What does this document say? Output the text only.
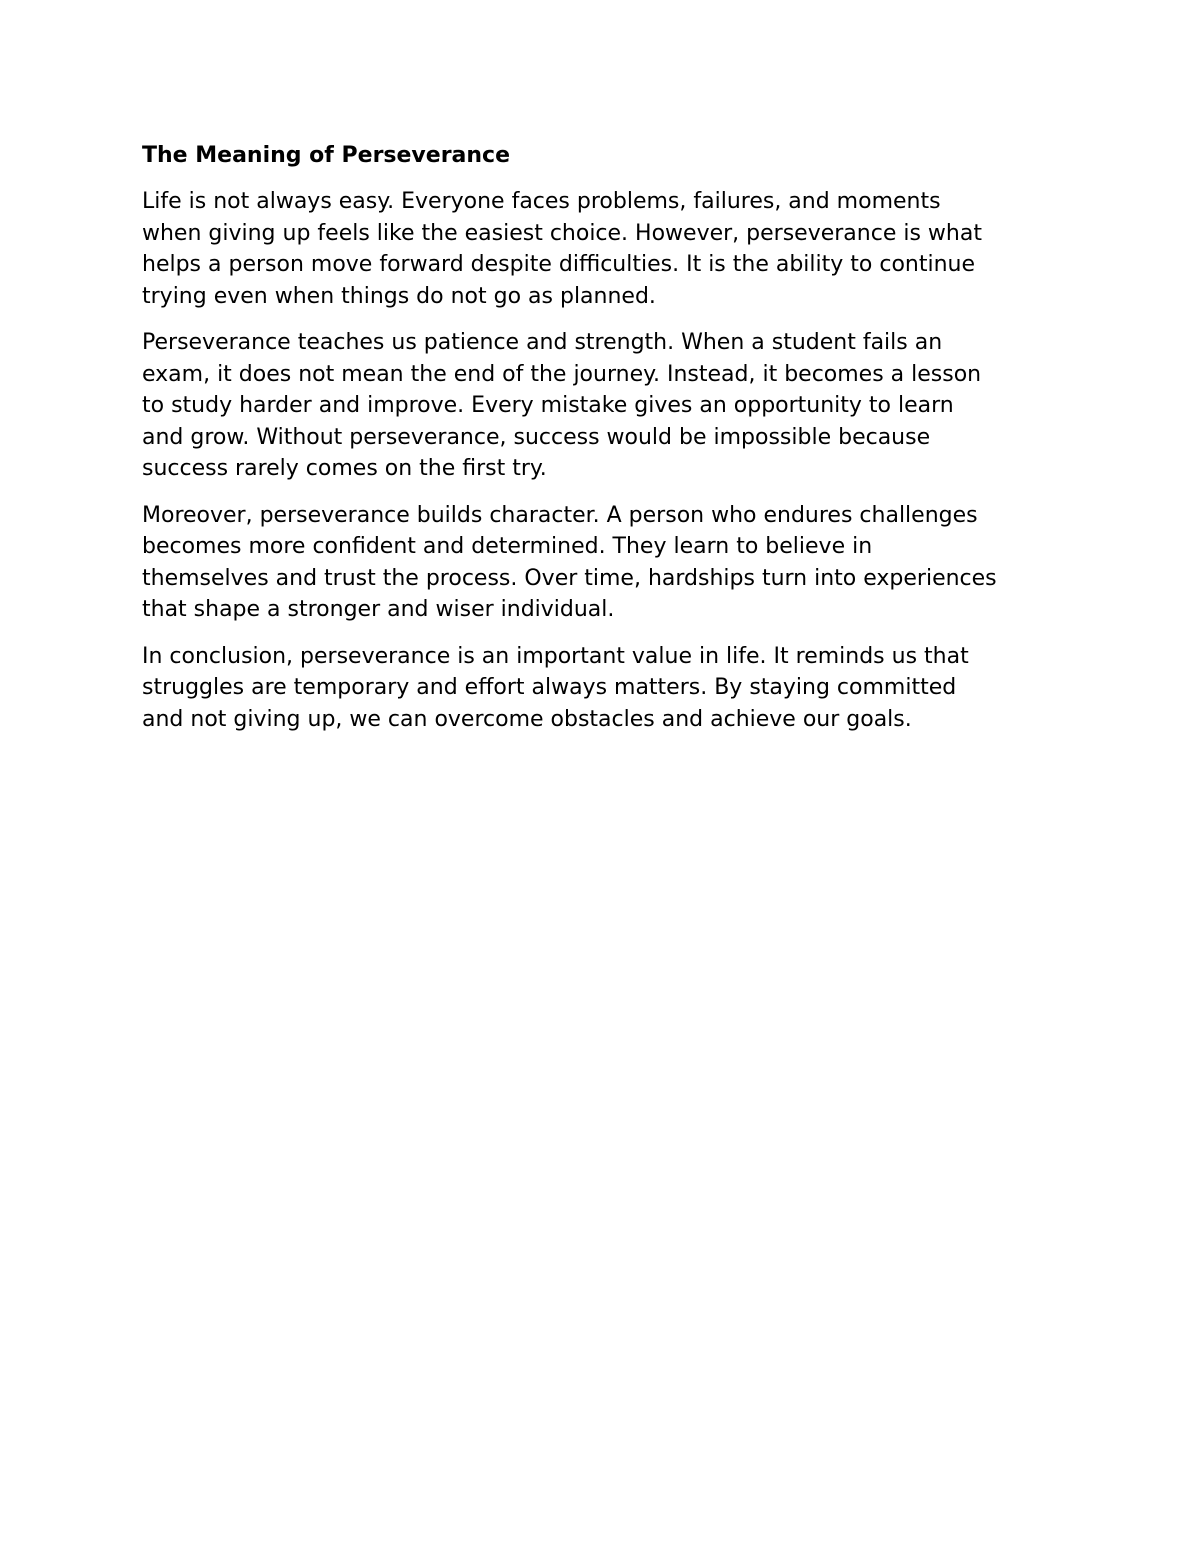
The Meaning of Perseverance
Life is not always easy. Everyone faces problems, failures, and moments
when giving up feels like the easiest choice. However, perseverance is what
helps a person move forward despite difficulties. It is the ability to continue
trying even when things do not go as planned.
Perseverance teaches us patience and strength. When a student fails an
exam, it does not mean the end of the journey. Instead, it becomes a lesson
to study harder and improve. Every mistake gives an opportunity to learn
and grow. Without perseverance, success would be impossible because
success rarely comes on the first try.
Moreover, perseverance builds character. A person who endures challenges
becomes more confident and determined. They learn to believe in
themselves and trust the process. Over time, hardships turn into experiences
that shape a stronger and wiser individual.
In conclusion, perseverance is an important value in life. It reminds us that
struggles are temporary and effort always matters. By staying committed
and not giving up, we can overcome obstacles and achieve our goals.
